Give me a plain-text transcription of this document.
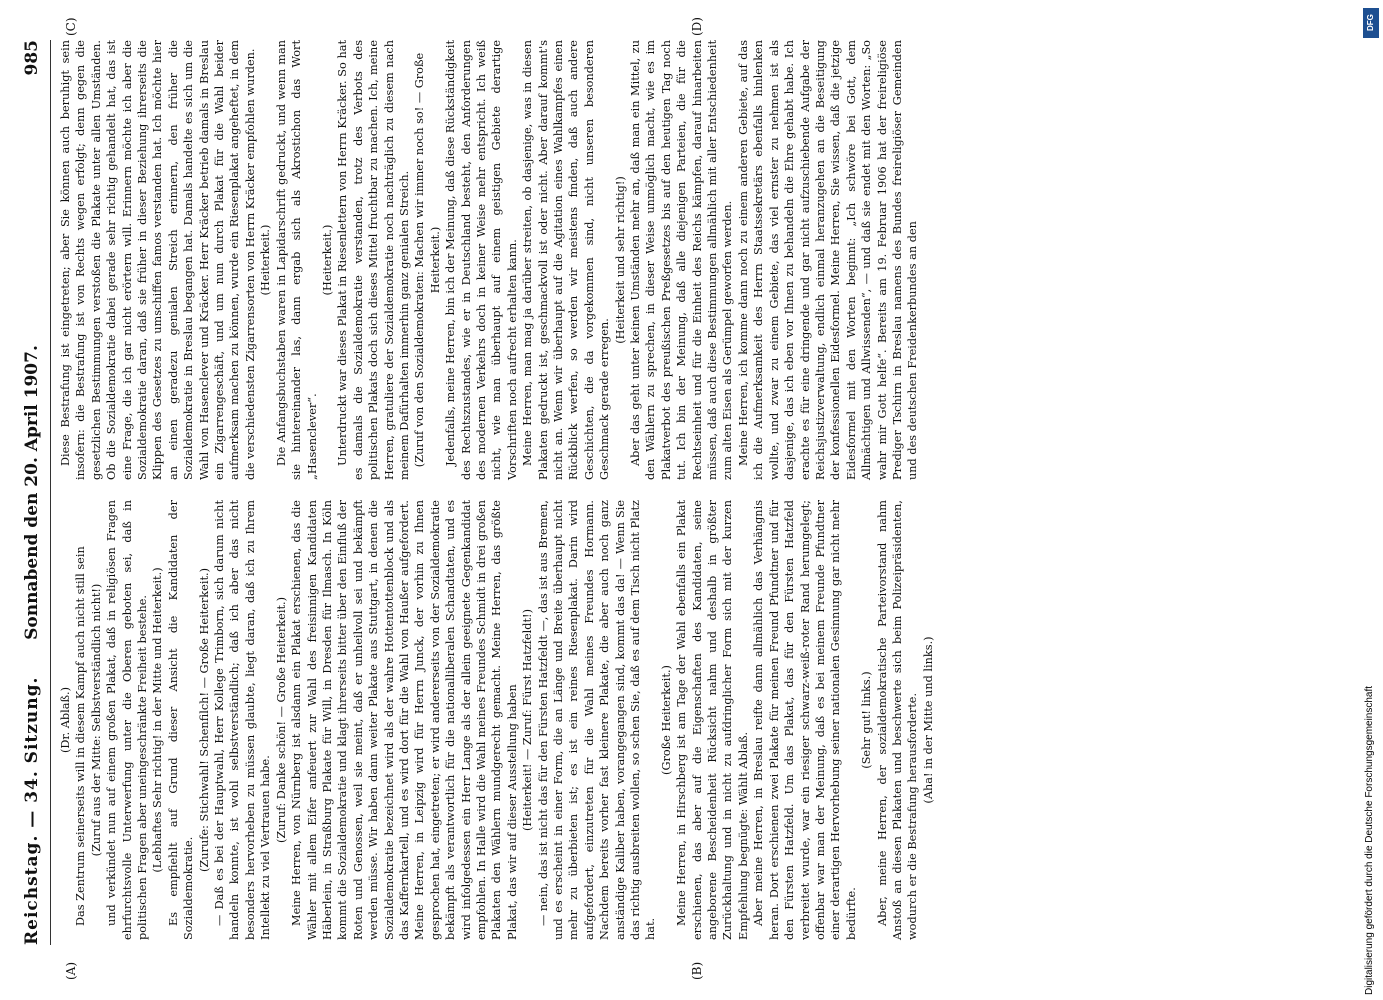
Reichstag. — 34. Sitzung.
Sonnabend den 20. April 1907.
985
(A)	(B)
(C)	(D)

(Dr. Ablaß.) Das Zentrum seinerseits will in diesem Kampf auch nicht still sein (Zuruf aus der Mitte: Selbstverständlich nicht!) und verkündet nun auf einem großen Plakat, daß in religiösen Fragen ehrfurchtsvolle Unterwerfung unter die Oberen geboten sei, daß in politischen Fragen aber uneingeschränkte Freiheit bestehe. (Lebhaftes Sehr richtig! in der Mitte und Heiterkeit.) Es empfiehlt auf Grund dieser Ansicht die Kandidaten der Sozialdemokratie.

(Zurufe: Stichwahl! Schenfilch! — Große Heiterkeit.) — Daß es bei der Hauptwahl, Herr Kollege Trimborn, sich darum nicht handeln konnte, ist wohl selbstverständlich; daß ich aber das nicht besonders hervorheben zu müssen glaubte, liegt daran, daß ich zu Ihrem Intellekt zu viel Vertrauen habe.

(Zuruf: Danke schön! — Große Heiterkeit.) Meine Herren, von Nürnberg ist alsdann ein Plakat erschienen, das die Wähler mit allem Eifer anfeuert zur Wahl des freisinnigen Kandidaten Häberlein, in Straßburg Plakate für Will, in Dresden für Ilmasch. In Köln kommt die Sozialdemokratie und klagt ihrerseits bitter über den Einfluß der Roten und Genossen, weil sie meint, daß er unheilvoll sei und bekämpft werden müsse. Wir haben dann weiter Plakate aus Stuttgart, in denen die Sozialdemokratie bezeichnet wird als der wahre Hottentottenblock und als das Kaffernkartell, und es wird dort für die Wahl von Haußer aufgefordert. Meine Herren, in Leipzig wird für Herrn Junck, der vorhin zu Ihnen gesprochen hat, eingetreten; er wird andererseits von der Sozialdemokratie bekämpft als verantwortlich für die nationalliberalen Schandtaten, und es wird infolgedessen ein Herr Lange als der allein geeignete Gegenkandidat empfohlen. In Halle wird die Wahl meines Freundes Schmidt in drei großen Plakaten den Wählern mundgerecht gemacht. Meine Herren, das größte Plakat, das wir auf dieser Ausstellung haben (Heiterkeit! — Zuruf: Fürst Hatzfeldt!) — nein, das ist nicht das für den Fürsten Hatzfeldt —, das ist aus Bremen, und es erscheint in einer Form, die an Länge und Breite überhaupt nicht mehr zu überbieten ist; es ist ein reines Riesenplakat. Darin wird aufgefordert, einzutreten für die Wahl meines Freundes Hormann. Nachdem bereits vorher fast kleinere Plakate, die aber auch noch ganz anständige Kaliber haben, vorangegangen sind, kommt das da! — Wenn Sie das richtig ausbreiten wollen, so schen Sie, daß es auf dem Tisch nicht Platz hat.

(Große Heiterkeit.) Meine Herren, in Hirschberg ist am Tage der Wahl ebenfalls ein Plakat erschienen, das aber auf die Eigenschaften des Kandidaten, seine angeborene Bescheidenheit Rücksicht nahm und deshalb in größter Zurückhaltung und in nicht zu aufdringlicher Form sich mit der kurzen Empfehlung begnügte: Wählt Ablaß. Aber meine Herren, in Breslau reifte dann allmählich das Verhängnis heran. Dort erschienen zwei Plakate für meinen Freund Pfundtner und für den Fürsten Hatzfeld. Um das Plakat, das für den Fürsten Hatzfeld verbreitet wurde, war ein riesiger schwarz-weiß-roter Rand herumgelegt; offenbar war man der Meinung, daß es bei meinem Freunde Pfundtner einer derartigen Hervorhebung seiner nationalen Gesinnung gar nicht mehr bedürfte.

(Sehr gut! links.) Aber, meine Herren, der sozialdemokratische Parteivorstand nahm Anstoß an diesen Plakaten und beschwerte sich beim Polizeipräsidenten, wodurch er die Bestrafung herausforderte. (Aha! in der Mitte und links.)

Diese Bestrafung ist eingetreten; aber Sie können auch beruhigt sein insofern: die Bestrafung ist von Rechts wegen erfolgt; denn gegen die gesetzlichen Bestimmungen verstoßen die Plakate unter allen Umständen. Ob die Sozialdemokratie dabei gerade sehr richtig gehandelt hat, das ist eine Frage, die ich gar nicht erörtern will. Erinnern möchte ich aber die Sozialdemokratie daran, daß sie früher in dieser Beziehung ihrerseits die Klippen des Gesetzes zu umschiffen famos verstanden hat. Ich möchte hier an einen geradezu genialen Streich erinnern, den früher die Sozialdemokratie in Breslau begangen hat. Damals handelte es sich um die Wahl von Hasenclever und Kräcker. Herr Kräcker betrieb damals in Breslau ein Zigarrengeschäft, und um nun durch Plakat für die Wahl beider aufmerksam machen zu können, wurde ein Riesenplakat angeheftet, in dem die verschiedensten Zigarrensorten von Herrn Kräcker empfohlen wurden. (Heiterkeit.) Die Anfangsbuchstaben waren in Lapidarschrift gedruckt, und wenn man sie hintereinander las, dann ergab sich als Akrostichon das Wort „Hasenclever“.

(Heiterkeit.) Unterdruckt war dieses Plakat in Riesenlettern von Herrn Kräcker. So hat es damals die Sozialdemokratie verstanden, trotz des Verbots des politischen Plakats doch sich dieses Mittel fruchtbar zu machen. Ich, meine Herren, gratuliere der Sozialdemokratie noch nachträglich zu diesem nach meinem Dafürhalten immerhin ganz genialen Streich. (Zuruf von den Sozialdemokraten: Machen wir immer noch so! — Große Heiterkeit.) Jedenfalls, meine Herren, bin ich der Meinung, daß diese Rückständigkeit des Rechtszustandes, wie er in Deutschland besteht, den Anforderungen des modernen Verkehrs doch in keiner Weise mehr entspricht. Ich weiß nicht, wie man überhaupt auf einem geistigen Gebiete derartige Vorschriften noch aufrecht erhalten kann. Meine Herren, man mag ja darüber streiten, ob dasjenige, was in diesen Plakaten gedruckt ist, geschmackvoll ist oder nicht. Aber darauf kommt's nicht an. Wenn wir überhaupt auf die Agitation eines Wahlkampfes einen Rückblick werfen, so werden wir meistens finden, daß auch andere Geschichten, die da vorgekommen sind, nicht unseren besonderen Geschmack gerade erregen.

(Heiterkeit und sehr richtig!) Aber das geht unter keinen Umständen mehr an, daß man ein Mittel, zu den Wählern zu sprechen, in dieser Weise unmöglich macht, wie es im Plakatverbot des preußischen Preßgesetzes bis auf den heutigen Tag noch tut. Ich bin der Meinung, daß alle diejenigen Parteien, die für die Rechtseinheit und für die Einheit des Reichs kämpfen, darauf hinarbeiten müssen, daß auch diese Bestimmungen allmählich mit aller Entschiedenheit zum alten Eisen als Gerümpel geworfen werden. Meine Herren, ich komme dann noch zu einem anderen Gebiete, auf das ich die Aufmerksamkeit des Herrn Staatssekretärs ebenfalls hinlenken wollte, und zwar zu einem Gebiete, das viel ernster zu nehmen ist als dasjenige, das ich eben vor Ihnen zu behandeln die Ehre gehabt habe. Ich erachte es für eine dringende und gar nicht aufzuschiebende Aufgabe der Reichsjustizverwaltung, endlich einmal heranzugehen an die Beseitigung der konfessionellen Eidesformel. Meine Herren, Sie wissen, daß die jetzige Eidesformel mit den Worten beginnt: „Ich schwöre bei Gott, dem Allmächtigen und Allwissenden“, — und daß sie endet mit den Worten: „So wahr mir Gott helfe“. Bereits am 19. Februar 1906 hat der freireligiöse Prediger Tschirn in Breslau namens des Bundes freireligiöser Gemeinden und des deutschen Freidenkerbundes an den

Digitalisierung gefördert durch die Deutsche Forschungsgemeinschaft
DFG
